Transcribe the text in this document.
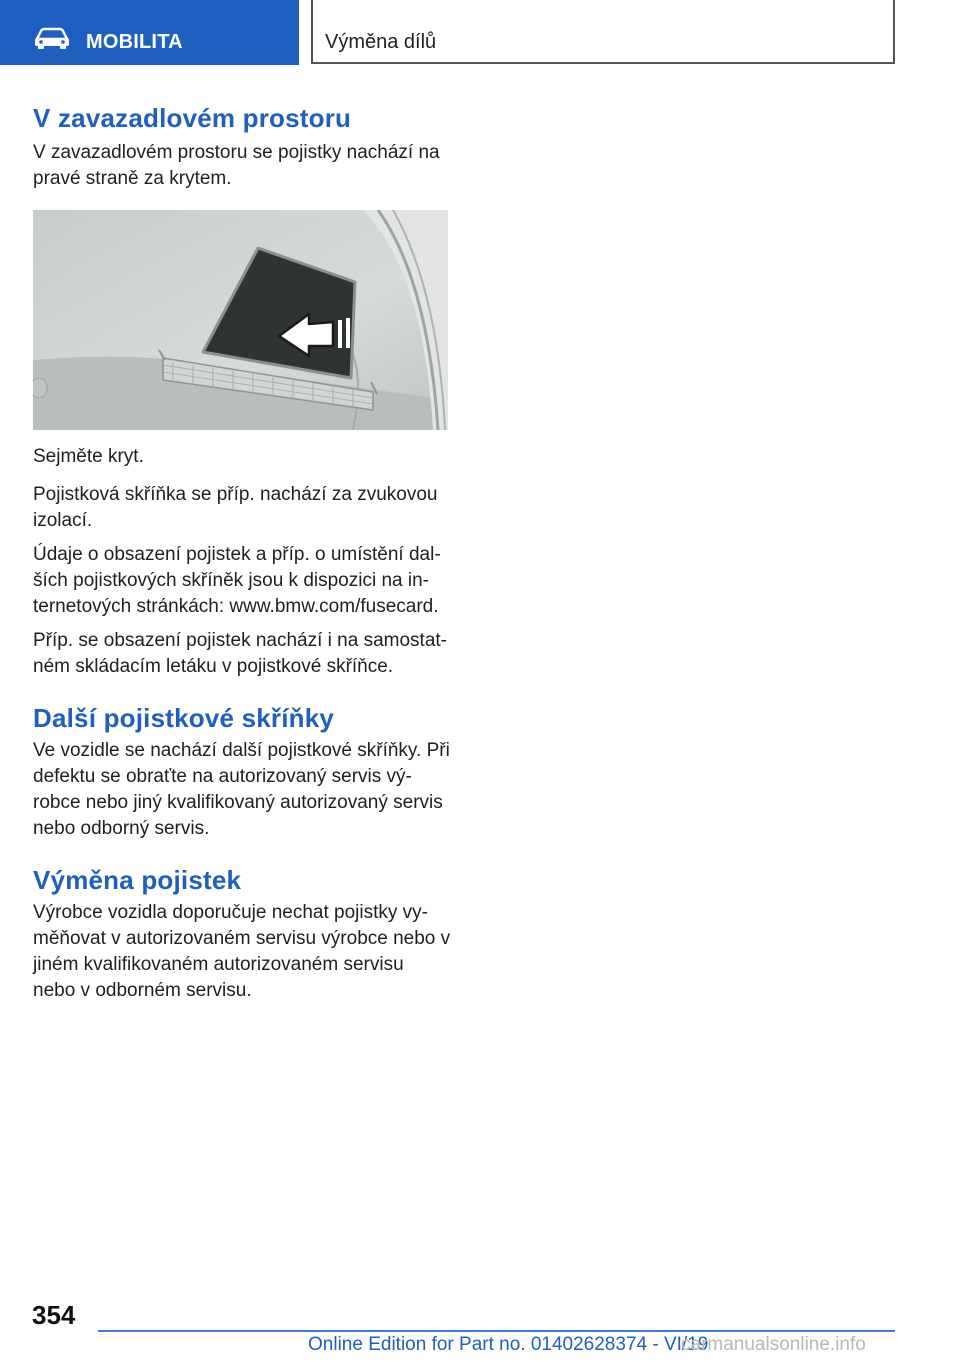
MOBILITA	Výměna dílů
V zavazadlovém prostoru

V zavazadlovém prostoru se pojistky nachází na pravé straně za krytem.

Sejměte kryt.

Pojistková skříňka se příp. nachází za zvukovou izolací.

Údaje o obsazení pojistek a příp. o umístění dal-ších pojistkových skříněk jsou k dispozici na in-ternetových stránkách: www.bmw.com/fusecard.

Příp. se obsazení pojistek nachází i na samostat-ném skládacím letáku v pojistkové skříňce.

Další pojistkové skříňky

Ve vozidle se nachází další pojistkové skříňky. Při defektu se obraťte na autorizovaný servis vý-robce nebo jiný kvalifikovaný autorizovaný servis nebo odborný servis.

Výměna pojistek

Výrobce vozidla doporučuje nechat pojistky vy-měňovat v autorizovaném servisu výrobce nebo v jiném kvalifikovaném autorizovaném servisu nebo v odborném servisu.

354
Online Edition for Part no. 01402628374 - VI/19
carmanualsonline.info
